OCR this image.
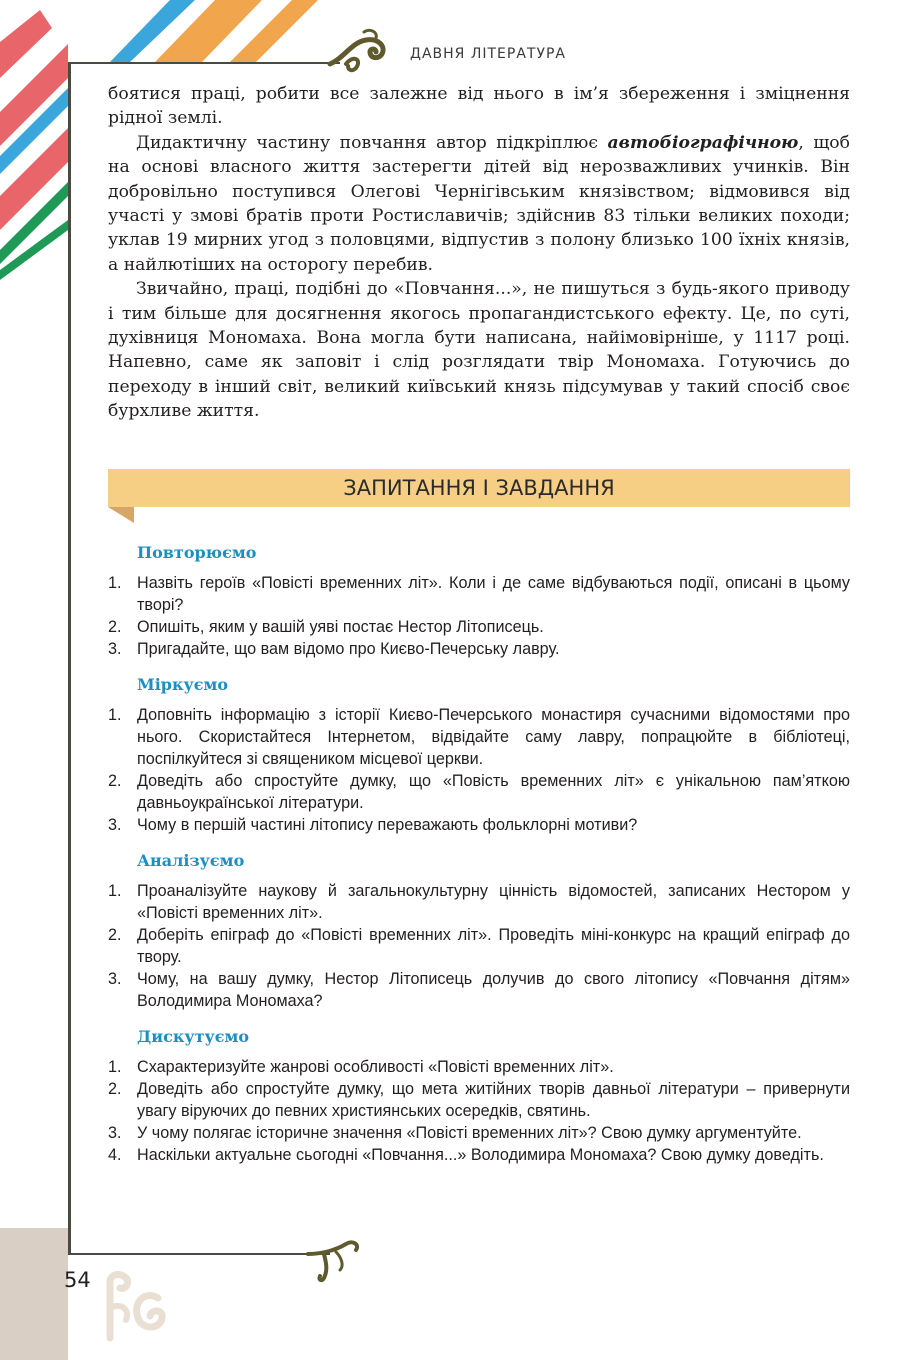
ДАВНЯ ЛІТЕРАТУРА

боятися праці, робити все залежне від нього в ім’я збереження і зміцнення рідної землі.

Дидактичну частину повчання автор підкріплює автобіографічною, щоб на основі власного життя застерегти дітей від нерозважливих учинків. Він добровільно поступився Олегові Чернігівським князівством; відмовився від участі у змові братів проти Ростиславичів; здійснив 83 тільки великих походи; уклав 19 мирних угод з половцями, відпустив з полону близько 100 їхніх князів, а найлютіших на осторогу перебив.

Звичайно, праці, подібні до «Повчання...», не пишуться з будь-якого приводу і тим більше для досягнення якогось пропагандистського ефекту. Це, по суті, духівниця Мономаха. Вона могла бути написана, найімовірніше, у 1117 році. Напевно, саме як заповіт і слід розглядати твір Мономаха. Готуючись до переходу в інший світ, великий київський князь підсумував у такий спосіб своє бурхливе життя.

ЗАПИТАННЯ І ЗАВДАННЯ
Повторюємо
1. Назвіть героїв «Повісті временних літ». Коли і де саме відбуваються події, описані в цьому творі?
2. Опишіть, яким у вашій уяві постає Нестор Літописець.
3. Пригадайте, що вам відомо про Києво-Печерську лавру.
Міркуємо
1. Доповніть інформацію з історії Києво-Печерського монастиря сучасними відомостями про нього. Скористайтеся Інтернетом, відвідайте саму лавру, попрацюйте в бібліотеці, поспілкуйтеся зі священиком місцевої церкви.
2. Доведіть або спростуйте думку, що «Повість временних літ» є унікальною пам’яткою давньоукраїнської літератури.
3. Чому в першій частині літопису переважають фольклорні мотиви?
Аналізуємо
1. Проаналізуйте наукову й загальнокультурну цінність відомостей, записаних Нестором у «Повісті временних літ».
2. Доберіть епіграф до «Повісті временних літ». Проведіть міні-конкурс на кращий епіграф до твору.
3. Чому, на вашу думку, Нестор Літописець долучив до свого літопису «Повчання дітям» Володимира Мономаха?
Дискутуємо
1. Схарактеризуйте жанрові особливості «Повісті временних літ».
2. Доведіть або спростуйте думку, що мета житійних творів давньої літератури – привернути увагу віруючих до певних християнських осередків, святинь.
3. У чому полягає історичне значення «Повісті временних літ»? Свою думку аргументуйте.
4. Наскільки актуальне сьогодні «Повчання...» Володимира Мономаха? Свою думку доведіть.
54
